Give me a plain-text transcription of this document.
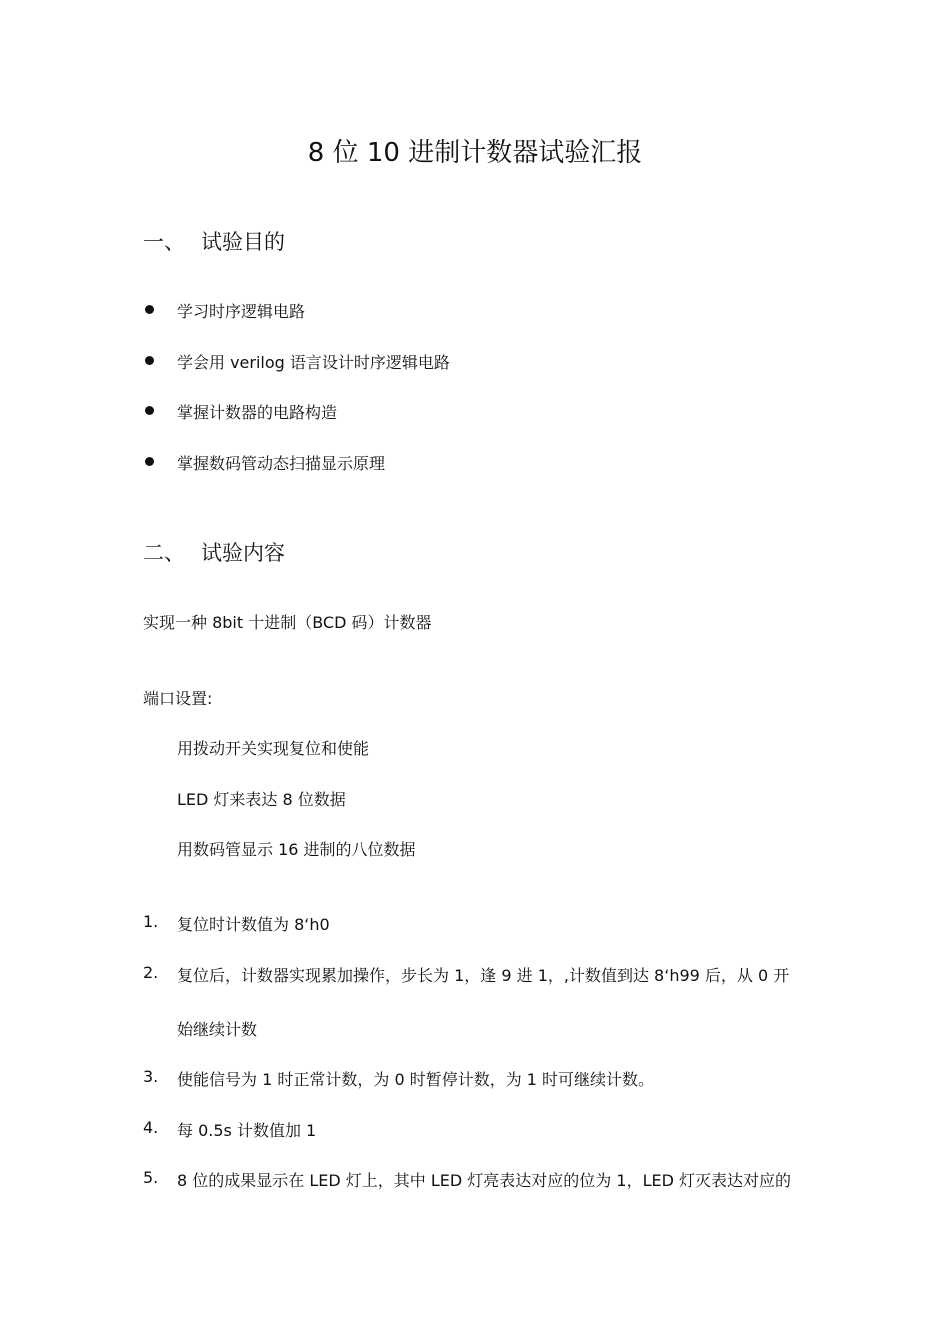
8 位 10 进制计数器试验汇报
一、 试验目的
学习时序逻辑电路
学会用 verilog 语言设计时序逻辑电路
掌握计数器的电路构造
掌握数码管动态扫描显示原理
二、 试验内容
实现一种 8bit 十进制（BCD 码）计数器
端口设置:
用拨动开关实现复位和使能
LED 灯来表达 8 位数据
用数码管显示 16 进制的八位数据
1. 复位时计数值为 8‘h0
2. 复位后，计数器实现累加操作，步长为 1，逢 9 进 1，,计数值到达 8‘h99 后，从 0 开
始继续计数
3. 使能信号为 1 时正常计数，为 0 时暂停计数，为 1 时可继续计数。
4. 每 0.5s 计数值加 1
5. 8 位的成果显示在 LED 灯上，其中 LED 灯亮表达对应的位为 1，LED 灯灭表达对应的
